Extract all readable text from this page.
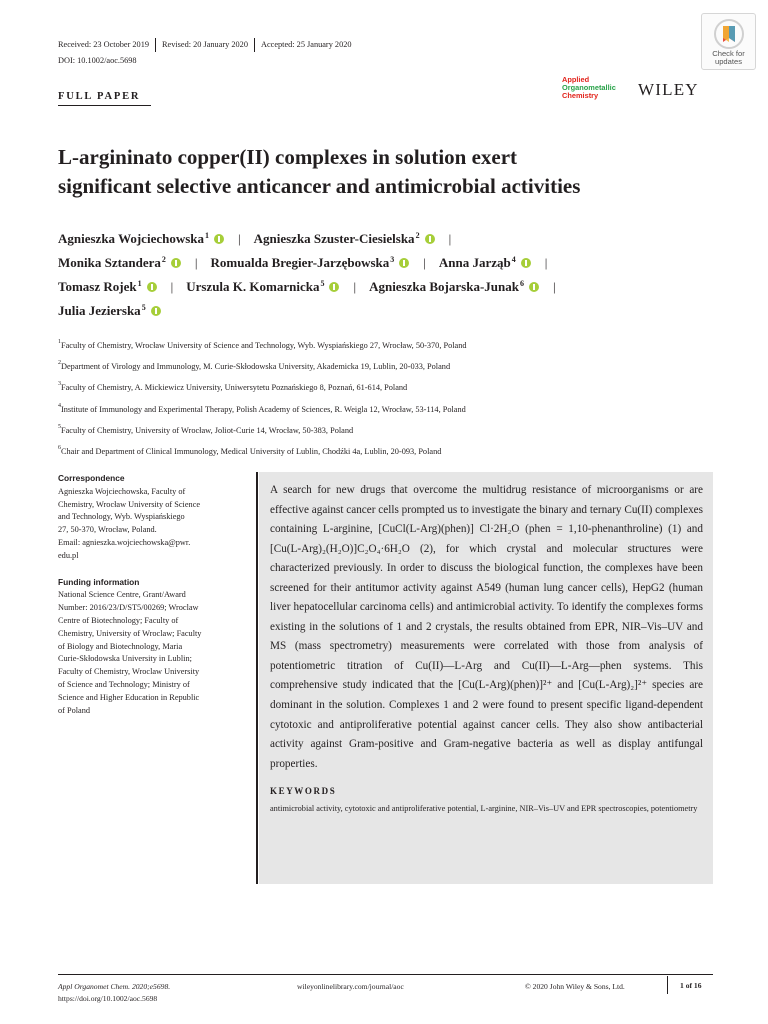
Received: 23 October 2019	Revised: 20 January 2020	Accepted: 25 January 2020
DOI: 10.1002/aoc.5698
Check for
updates
Applied
Organometallic
Chemistry	WILEY
FULL PAPER
L-argininato copper(II) complexes in solution exert
significant selective anticancer and antimicrobial activities
Agnieszka Wojciechowska$^1$ | Agnieszka Szuster-Ciesielska$^2$ |
Monika Sztandera$^2$ | Romualda Bregier-Jarzębowska$^3$ | Anna Jarząb$^4$ |
Tomasz Rojek$^1$ | Urszula K. Komarnicka$^5$ | Agnieszka Bojarska-Junak$^6$ |
Julia Jezierska$^5$
$^1$Faculty of Chemistry, Wrocław University of Science and Technology, Wyb. Wyspiańskiego 27, Wrocław, 50-370, Poland
$^2$Department of Virology and Immunology, M. Curie-Skłodowska University, Akademicka 19, Lublin, 20-033, Poland
$^3$Faculty of Chemistry, A. Mickiewicz University, Uniwersytetu Poznańskiego 8, Poznań, 61-614, Poland
$^4$Institute of Immunology and Experimental Therapy, Polish Academy of Sciences, R. Weigla 12, Wrocław, 53-114, Poland
$^5$Faculty of Chemistry, University of Wrocław, Joliot-Curie 14, Wrocław, 50-383, Poland
$^6$Chair and Department of Clinical Immunology, Medical University of Lublin, Chodźki 4a, Lublin, 20-093, Poland
Correspondence

Agnieszka Wojciechowska, Faculty of

Chemistry, Wrocław University of Science

and Technology, Wyb. Wyspiańskiego

27, 50-370, Wrocław, Poland.

Email: agnieszka.wojciechowska@pwr.

edu.pl

Funding information

National Science Centre, Grant/Award

Number: 2016/23/D/ST5/00269; Wroclaw

Centre of Biotechnology; Faculty of

Chemistry, University of Wroclaw; Faculty

of Biology and Biotechnology, Maria

Curie-Skłodowska University in Lublin;

Faculty of Chemistry, Wroclaw University

of Science and Technology; Ministry of

Science and Higher Education in Republic

of Poland

A search for new drugs that overcome the multidrug resistance of microorganisms or are effective against cancer cells prompted us to investigate the binary and ternary Cu(II) complexes containing L-arginine, [CuCl(L-Arg)(phen)] Cl·2H₂O (phen = 1,10-phenanthroline) (1) and [Cu(L-Arg)₂(H₂O)]C₂O₄·6H₂O (2), for which crystal and molecular structures were characterized previously. In order to discuss the biological function, the complexes have been screened for their antitumor activity against A549 (human lung cancer cells), HepG2 (human liver hepatocellular carcinoma cells) and antimicrobial activity. To identify the complexes forms existing in the solutions of 1 and 2 crystals, the results obtained from EPR, NIR–Vis–UV and MS (mass spectrometry) measurements were correlated with those from analysis of potentiometric titration of Cu(II)—L-Arg and Cu(II)—L-Arg—phen systems. This comprehensive study indicated that the [Cu(L-Arg)(phen)]²⁺ and [Cu(L-Arg)₂]²⁺ species are dominant in the solution. Complexes 1 and 2 were found to present specific ligand-dependent cytotoxic and antiproliferative potential against cancer cells. They also show antibacterial activity against Gram-positive and Gram-negative bacteria as well as display antifungal properties.

KEYWORDS
antimicrobial activity, cytotoxic and antiproliferative potential, L-arginine, NIR–Vis–UV and EPR spectroscopies, potentiometry
Appl Organomet Chem. 2020;e5698.
https://doi.org/10.1002/aoc.5698
wileyonlinelibrary.com/journal/aoc	© 2020 John Wiley & Sons, Ltd.	1 of 16
